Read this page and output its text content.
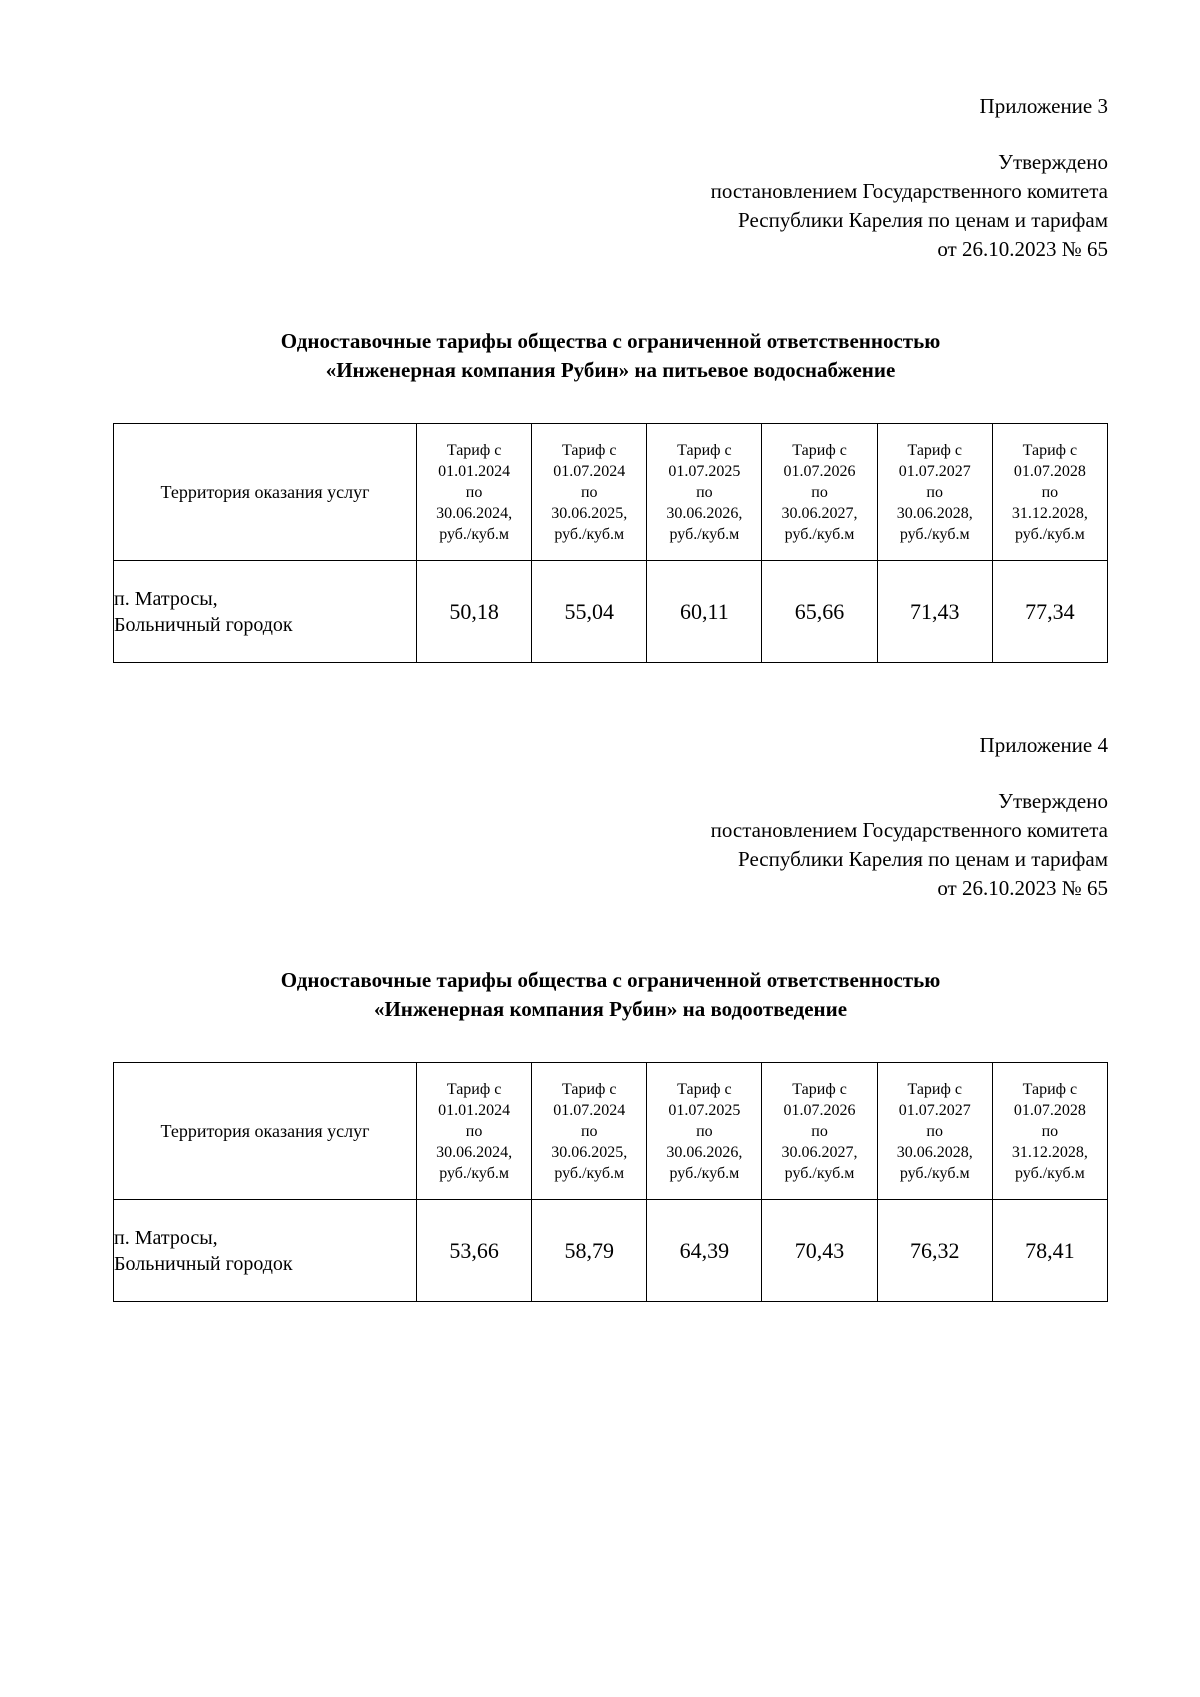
Приложение 3

Утверждено
постановлением Государственного комитета
Республики Карелия по ценам и тарифам
от 26.10.2023 № 65
Одноставочные тарифы общества с ограниченной ответственностью
«Инженерная компания Рубин» на питьевое водоснабжение
Территория оказания услуг	Тариф с
01.01.2024
по
30.06.2024,
руб./куб.м	Тариф с
01.07.2024
по
30.06.2025,
руб./куб.м	Тариф с
01.07.2025
по
30.06.2026,
руб./куб.м	Тариф с
01.07.2026
по
30.06.2027,
руб./куб.м	Тариф с
01.07.2027
по
30.06.2028,
руб./куб.м	Тариф с
01.07.2028
по
31.12.2028,
руб./куб.м

п. Матросы,
Больничный городок	50,18	55,04	60,11	65,66	71,43	77,34

Приложение 4

Утверждено
постановлением Государственного комитета
Республики Карелия по ценам и тарифам
от 26.10.2023 № 65
Одноставочные тарифы общества с ограниченной ответственностью
«Инженерная компания Рубин» на водоотведение
Территория оказания услуг	Тариф с
01.01.2024
по
30.06.2024,
руб./куб.м	Тариф с
01.07.2024
по
30.06.2025,
руб./куб.м	Тариф с
01.07.2025
по
30.06.2026,
руб./куб.м	Тариф с
01.07.2026
по
30.06.2027,
руб./куб.м	Тариф с
01.07.2027
по
30.06.2028,
руб./куб.м	Тариф с
01.07.2028
по
31.12.2028,
руб./куб.м

п. Матросы,
Больничный городок	53,66	58,79	64,39	70,43	76,32	78,41
